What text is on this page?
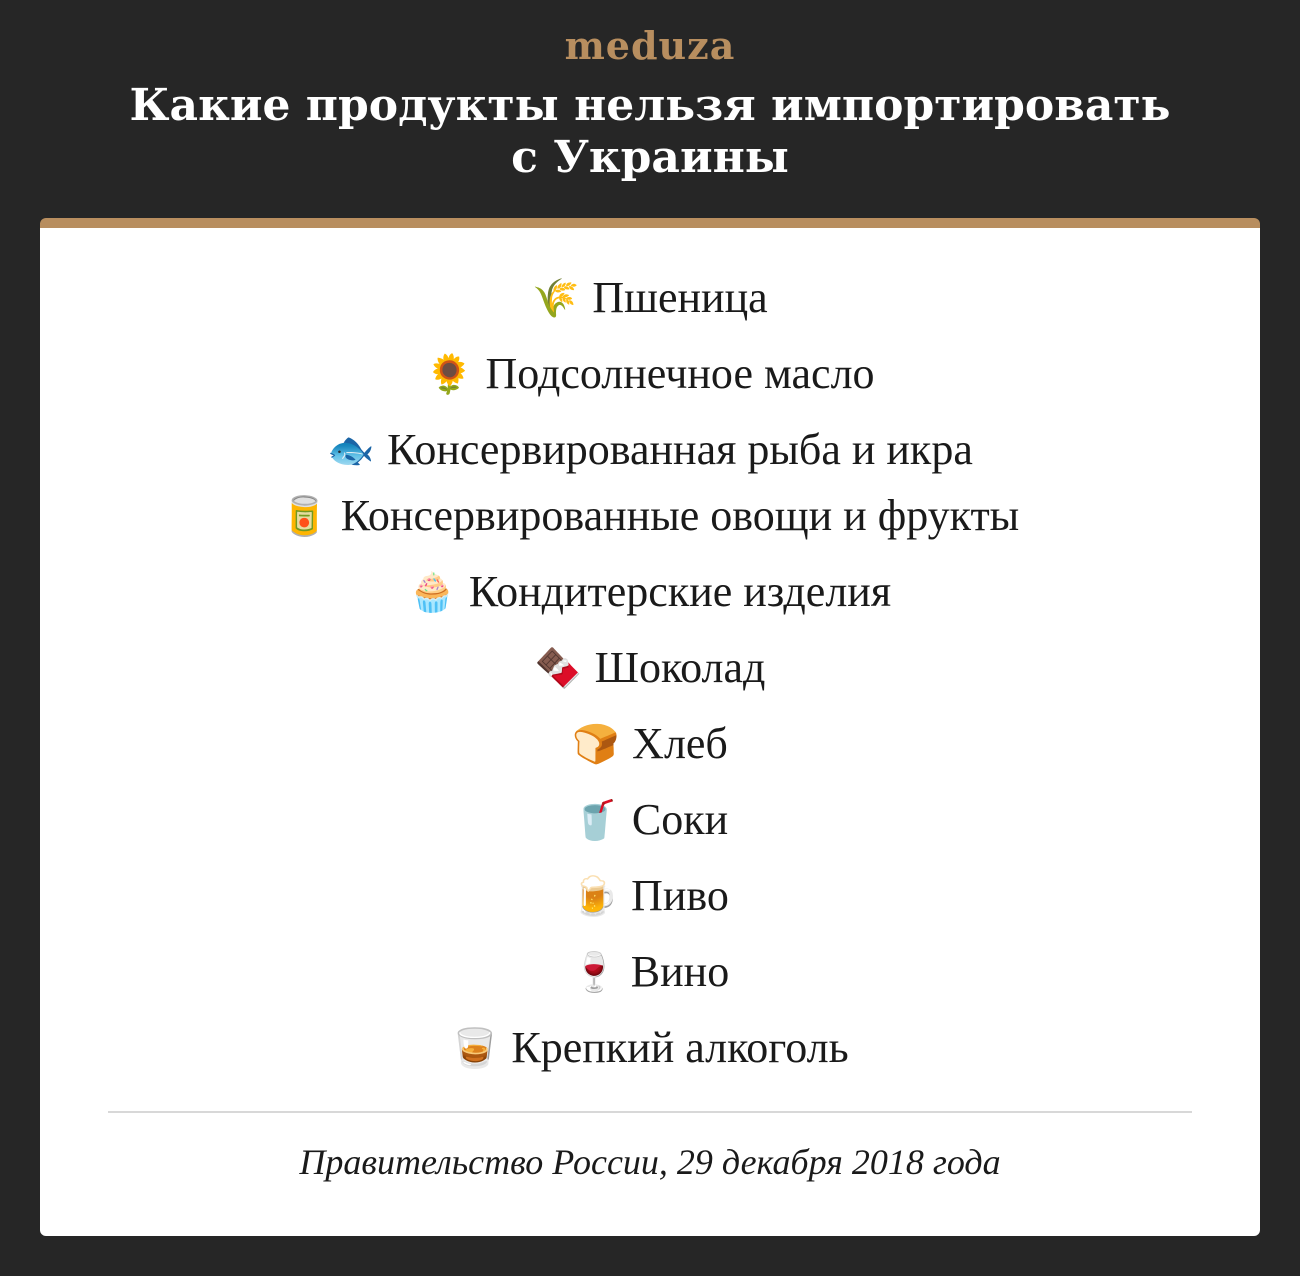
meduza
Какие продукты нельзя импортировать
с Украины
🌾 Пшеница
🌻 Подсолнечное масло
🐟 Консервированная рыба и икра
🥫 Консервированные овощи и фрукты
🧁 Кондитерские изделия
🍫 Шоколад
🍞 Хлеб
🥤 Соки
🍺 Пиво
🍷 Вино
🥃 Крепкий алкоголь
Правительство России, 29 декабря 2018 года
